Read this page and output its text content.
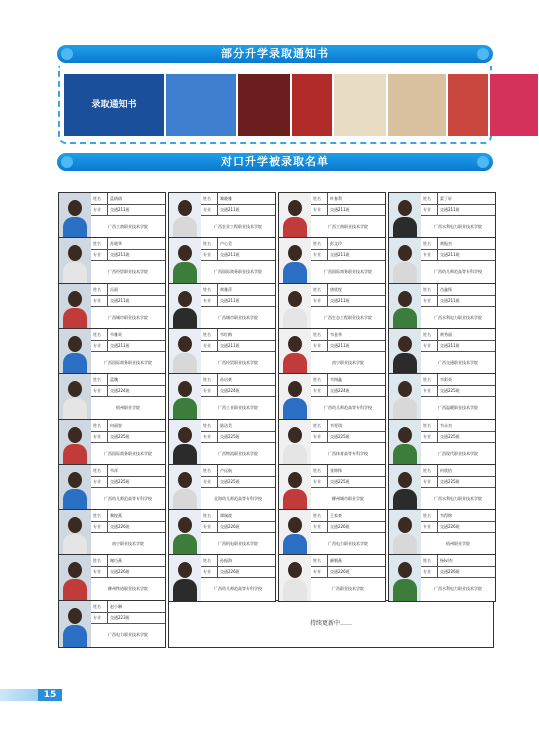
部分升学录取通知书
录取通知书
对口升学被录取名单
持续更新中……
姓名	蓝倩倩
专业	交通211班
广西工商职业技术学院
姓名	黎晓雅
专业	交通211班
广西农业工程职业技术学院
姓名	叶春利
专业	交通211班
广西工商职业技术学院
姓名	蒙丁轩
专业	交通211班
广西水利电力职业技术学院
姓名	苏媛华
专业	交通211班
广西经贸职业技术学院
姓名	卢心美
专业	交通211班
广西国际商务职业技术学院
姓名	彭文玲
专业	交通211班
广西国际商务职业技术学院
姓名	黄振杰
专业	交通211班
广西幼儿师范高等专科学校
姓名	冯丽
专业	交通211班
广西城市职业技术学院
姓名	黄雅萍
专业	交通211班
广西城市职业技术学院
姓名	唐欣悦
专业	交通211班
广西生态工程职业技术学院
姓名	肖鑫锋
专业	交通211班
广西水利电力职业技术学院
姓名	韦雅英
专业	交通211班
广西国际商务职业技术学院
姓名	韦红梅
专业	交通211班
广西经贸职业技术学院
姓名	韦金华
专业	交通211班
南宁职业技术学院
姓名	黄秀丽
专业	交通211班
广西交通职业技术学院
姓名	蓝魏
专业	交通224班
梧州职业学院
姓名	孙启豪
专业	交通224班
广西工业职业技术学院
姓名	韦锡鑫
专业	交通224班
广西幼儿师范高等专科学校
姓名	韦彩英
专业	交通225班
广西温暖职业技术学院
姓名	何丽容
专业	交通225班
广西国际商务职业技术学院
姓名	陆洁美
专业	交通225班
广西物流职业技术学院
姓名	韦雯琪
专业	交通225班
广西体育高等专科学校
姓名	韦永杰
专业	交通225班
广西现代职业技术学院
姓名	韦祥
专业	交通225班
广西幼儿师范高等专科学校
姓名	卢远航
专业	交通225班
北海幼儿师范高等专科学校
姓名	张锦锋
专业	交通225班
柳州城市职业学院
姓名	何欣怡
专业	交通225班
广西水利电力职业技术学院
姓名	黎锐燕
专业	交通226班
南宁职业技术学院
姓名	谭瑞波
专业	交通226班
广西机电职业技术学院
姓名	王家豪
专业	交通226班
广西电力职业技术学院
姓名	韦得锦
专业	交通226班
梧州职业学院
姓名	谢巧燕
专业	交通226班
柳州铁道职业技术学院
姓名	孙振海
专业	交通226班
广西幼儿师范高等专科学校
姓名	颜朝燕
专业	交通226班
广西职业技术学院
姓名	杨lvl杰
专业	交通226班
广西水利电力职业技术学院
姓名	赵小琳
专业	交通223班
广西电力职业技术学院
15
